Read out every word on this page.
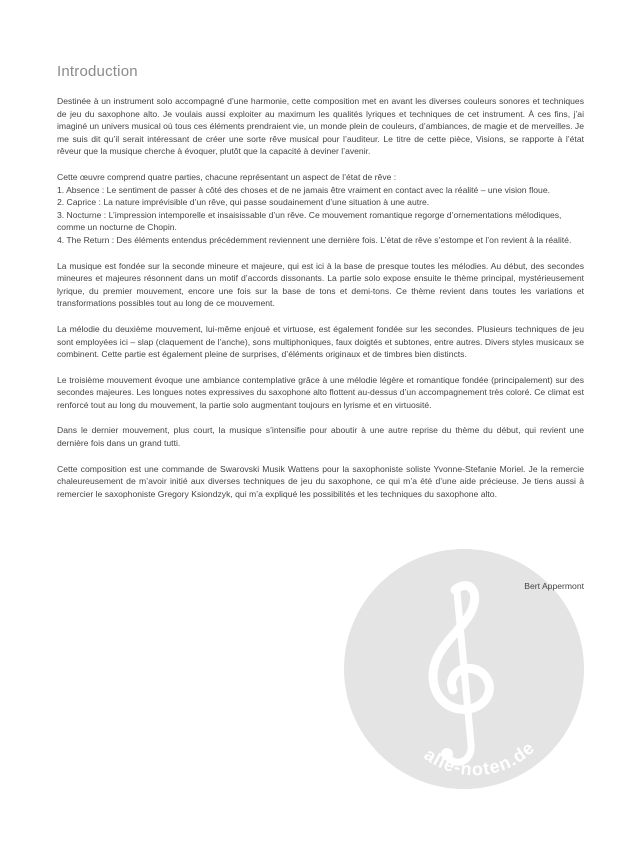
alle-noten.de
Introduction

Destinée à un instrument solo accompagné d’une harmonie, cette composition met en avant les diverses couleurs sonores et techniques de jeu du saxophone alto. Je voulais aussi exploiter au maximum les qualités lyriques et techniques de cet instrument. À ces fins, j’ai imaginé un univers musical où tous ces éléments prendraient vie, un monde plein de couleurs, d’ambiances, de magie et de merveilles. Je me suis dit qu’il serait intéressant de créer une sorte rêve musical pour l’auditeur. Le titre de cette pièce, Visions, se rapporte à l’état rêveur que la musique cherche à évoquer, plutôt que la capacité à deviner l’avenir.

Cette œuvre comprend quatre parties, chacune représentant un aspect de l’état de rêve :

1. Absence : Le sentiment de passer à côté des choses et de ne jamais être vraiment en contact avec la réalité – une vision floue.
2. Caprice : La nature imprévisible d’un rêve, qui passe soudainement d’une situation à une autre.
3. Nocturne : L’impression intemporelle et insaisissable d’un rêve. Ce mouvement romantique regorge d’ornementations mélodiques, comme un nocturne de Chopin.
4. The Return : Des éléments entendus précédemment reviennent une dernière fois. L’état de rêve s’estompe et l’on revient à la réalité.

La musique est fondée sur la seconde mineure et majeure, qui est ici à la base de presque toutes les mélodies. Au début, des secondes mineures et majeures résonnent dans un motif d’accords dissonants. La partie solo expose ensuite le thème principal, mystérieusement lyrique, du premier mouvement, encore une fois sur la base de tons et demi-tons. Ce thème revient dans toutes les variations et transformations possibles tout au long de ce mouvement.

La mélodie du deuxième mouvement, lui-même enjoué et virtuose, est également fondée sur les secondes. Plusieurs techniques de jeu sont employées ici – slap (claquement de l’anche), sons multiphoniques, faux doigtés et subtones, entre autres. Divers styles musicaux se combinent. Cette partie est également pleine de surprises, d’éléments originaux et de timbres bien distincts.

Le troisième mouvement évoque une ambiance contemplative grâce à une mélodie légère et romantique fondée (principalement) sur des secondes majeures. Les longues notes expressives du saxophone alto flottent au-dessus d’un accompagnement très coloré. Ce climat est renforcé tout au long du mouvement, la partie solo augmentant toujours en lyrisme et en virtuosité.

Dans le dernier mouvement, plus court, la musique s’intensifie pour aboutir à une autre reprise du thème du début, qui revient une dernière fois dans un grand tutti.

Cette composition est une commande de Swarovski Musik Wattens pour la saxophoniste soliste Yvonne-Stefanie Moriel. Je la remercie chaleureusement de m’avoir initié aux diverses techniques de jeu du saxophone, ce qui m’a été d’une aide précieuse. Je tiens aussi à remercier le saxophoniste Gregory Ksiondzyk, qui m’a expliqué les possibilités et les techniques du saxophone alto.

Bert Appermont
